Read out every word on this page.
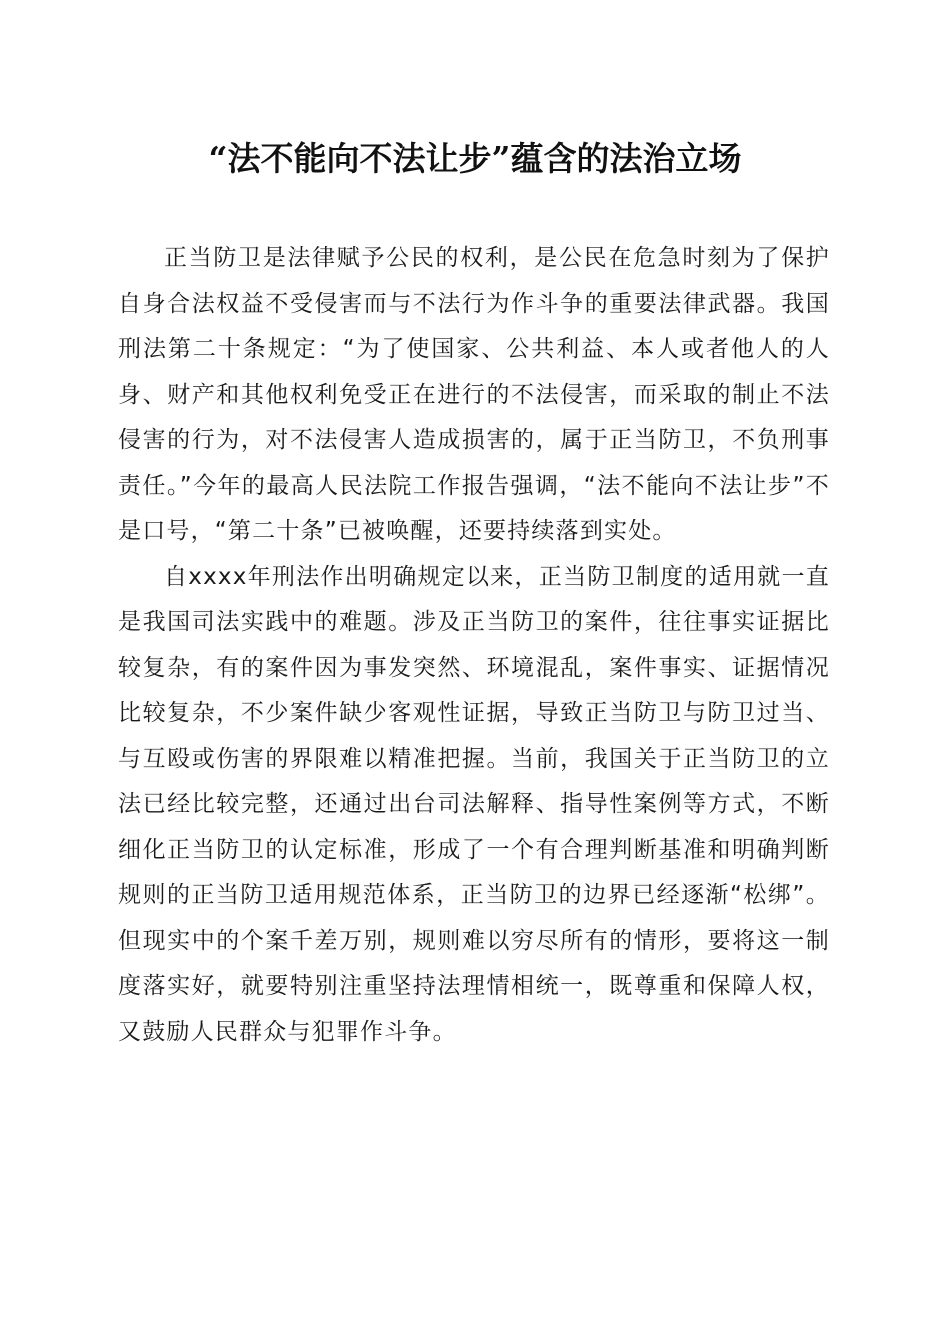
“法不能向不法让步”蕴含的法治立场

正当防卫是法律赋予公民的权利，是公民在危急时刻为了保护自身合法权益不受侵害而与不法行为作斗争的重要法律武器。我国刑法第二十条规定：“为了使国家、公共利益、本人或者他人的人身、财产和其他权利免受正在进行的不法侵害，而采取的制止不法侵害的行为，对不法侵害人造成损害的，属于正当防卫，不负刑事责任。”今年的最高人民法院工作报告强调，“法不能向不法让步”不是口号，“第二十条”已被唤醒，还要持续落到实处。

自xxxx年刑法作出明确规定以来，正当防卫制度的适用就一直是我国司法实践中的难题。涉及正当防卫的案件，往往事实证据比较复杂，有的案件因为事发突然、环境混乱，案件事实、证据情况比较复杂，不少案件缺少客观性证据，导致正当防卫与防卫过当、与互殴或伤害的界限难以精准把握。当前，我国关于正当防卫的立法已经比较完整，还通过出台司法解释、指导性案例等方式，不断细化正当防卫的认定标准，形成了一个有合理判断基准和明确判断规则的正当防卫适用规范体系，正当防卫的边界已经逐渐“松绑”。但现实中的个案千差万别，规则难以穷尽所有的情形，要将这一制度落实好，就要特别注重坚持法理情相统一，既尊重和保障人权，又鼓励人民群众与犯罪作斗争。
